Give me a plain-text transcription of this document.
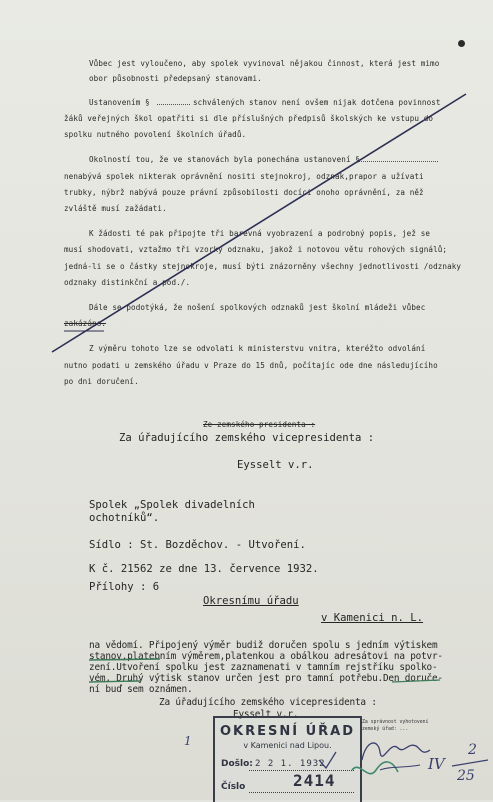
Vůbec jest vyloučeno, aby spolek vyvinoval nějakou činnost, která jest mimo
obor působnosti předepsaný stanovami.
Ustanovením §	schválených stanov není ovšem nijak dotčena povinnost
žáků veřejných škol opatřiti si dle příslušných předpisů školských ke vstupu do
spolku nutného povolení školních úřadů.
Okolností tou, že ve stanovách byla ponechána ustanovení §
nenabývá spolek nikterak oprávnění nositi stejnokroj, odznak,prapor a užívati
trubky, nýbrž nabývá pouze právní způsobilosti docíci onoho oprávnění, za něž
zvláště musí zažádati.
K žádosti té pak připojte tři barevná vyobrazení a podrobný popis, jež se
musí shodovati, vztažmo tři vzorky odznaku, jakož i notovou větu rohových signálů;
jedná-li se o částky stejnokroje, musí býti znázorněny všechny jednotlivosti /odznaky
odznaky distinkční a pod./.
Dále se podotýká, že nošení spolkových odznaků jest školní mládeži vůbec
zakázáno.
Z výměru tohoto lze se odvolati k ministerstvu vnitra, kteréžto odvolání
nutno podati u zemského úřadu v Praze do 15 dnů, počítajíc ode dne následujícího
po dni doručení.
Ze zemského presidenta :
Za úřadujícího zemského vicepresidenta :
Eysselt v.r.
Spolek „Spolek divadelních
ochotníků“.
Sídlo : St. Bozděchov. - Utvoření.
K č. 21562 ze dne 13. července 1932.
Přílohy : 6
Okresnímu úřadu
v Kamenici n. L.
na vědomí. Připojený výměr budiž doručen spolu s jedním výtiskem
stanov,platebním výměrem,platenkou a obálkou adresátovi na potvr-
zení.Utvoření spolku jest zaznamenati v tamním rejstříku spolko-
vém. Druhý výtisk stanov určen jest pro tamní potřebu.Den doruče-
ní buď sem oznámen.
Za úřadujícího zemského vicepresidenta :
Eysselt v.r.
Za správnost vyhotovení
zemský úřad: ...
OKRESNÍ ÚŘAD
v Kamenici nad Lipou.
Došlo: 2 2 1. 1932
2414
Číslo
IV
2
25
1
